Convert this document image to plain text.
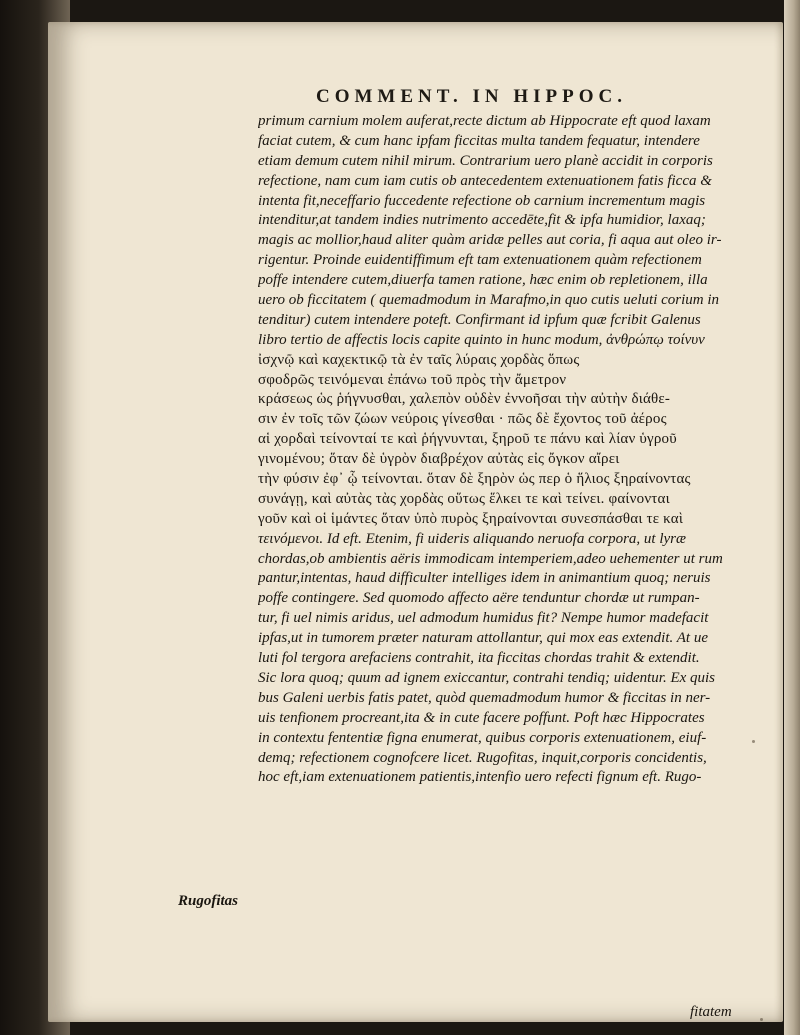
COMMENT. IN HIPPOC.
primum carnium molem auferat,recte dictum ab Hippocrate eft quod laxam
faciat cutem, & cum hanc ipfam ficcitas multa tandem fequatur, intendere
etiam demum cutem nihil mirum. Contrarium uero planè accidit in corporis
refectione, nam cum iam cutis ob antecedentem extenuationem fatis ficca &
intenta fit,neceffario fuccedente refectione ob carnium incrementum magis
intenditur,at tandem indies nutrimento accedēte,fit & ipfa humidior, laxaq;
magis ac mollior,haud aliter quàm aridæ pelles aut coria, fi aqua aut oleo ir-
rigentur. Proinde euidentiffimum eft tam extenuationem quàm refectionem
poffe intendere cutem,diuerfa tamen ratione, hæc enim ob repletionem, illa
uero ob ficcitatem ( quemadmodum in Marafmo,in quo cutis ueluti corium in
tenditur) cutem intendere poteft. Confirmant id ipfum quæ fcribit Galenus
libro tertio de affectis locis capite quinto in hunc modum, ἀνθρώπῳ τοίνυν
ἰσχνῷ καὶ καχεκτικῷ τὰ ἐν ταῖς λύραις χορδὰς ὅπως
σφοδρῶς τεινόμεναι ἐπάνω τοῦ πρὸς τὴν ἄμετρον
κράσεως ὡς ῥήγνυσθαι, χαλεπὸν οὐδὲν ἐννοῆσαι τὴν αὐτὴν διάθε-
σιν ἐν τοῖς τῶν ζώων νεύροις γίνεσθαι · πῶς δὲ ἔχοντος τοῦ ἀέρος
αἱ χορδαὶ τείνονταί τε καὶ ῥήγνυνται, ξηροῦ τε πάνυ καὶ λίαν ὑγροῦ
γινομένου; ὅταν δὲ ὑγρὸν διαβρέχον αὐτὰς εἰς ὄγκον αἴρει
τὴν φύσιν ἐφ᾽ ᾧ τείνονται. ὅταν δὲ ξηρὸν ὡς περ ὁ ἥλιος ξηραίνοντας
συνάγῃ, καὶ αὐτὰς τὰς χορδὰς οὕτως ἕλκει τε καὶ τείνει. φαίνονται
γοῦν καὶ οἱ ἱμάντες ὅταν ὑπὸ πυρὸς ξηραίνονται συνεσπάσθαι τε καὶ
τεινόμενοι. Id eft. Etenim, fi uideris aliquando neruofa corpora, ut lyræ
chordas,ob ambientis aëris immodicam intemperiem,adeo uehementer ut rum
pantur,intentas, haud difficulter intelliges idem in animantium quoq; neruis
poffe contingere. Sed quomodo affecto aëre tenduntur chordæ ut rumpan-
tur, fi uel nimis aridus, uel admodum humidus fit? Nempe humor madefacit
ipfas,ut in tumorem præter naturam attollantur, qui mox eas extendit. At ue
luti fol tergora arefaciens contrahit, ita ficcitas chordas trahit & extendit.
Sic lora quoq; quum ad ignem exiccantur, contrahi tendiq; uidentur. Ex quis
bus Galeni uerbis fatis patet, quòd quemadmodum humor & ficcitas in ner-
uis tenfionem procreant,ita & in cute facere poffunt. Poft hæc Hippocrates
in contextu fententiæ figna enumerat, quibus corporis extenuationem, eiuf-
demq; refectionem cognofcere licet. Rugofitas, inquit,corporis concidentis,
hoc eft,iam extenuationem patientis,intenfio uero refecti fignum eft. Rugo-
Rugofitas
fitatem
